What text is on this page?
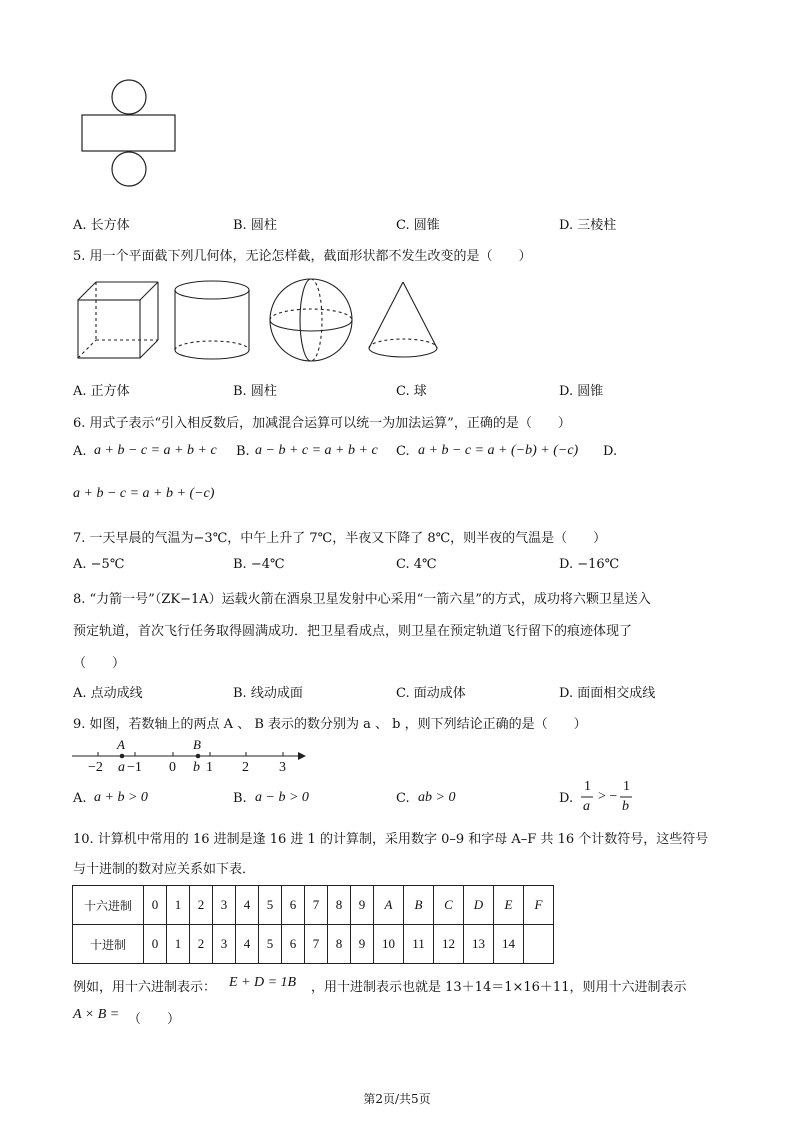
A. 长方体	B. 圆柱	C. 圆锥	D. 三棱柱
5. 用一个平面截下列几何体，无论怎样截，截面形状都不发生改变的是（　　）
A. 正方体	B. 圆柱	C. 球	D. 圆锥
6. 用式子表示“引入相反数后，加减混合运算可以统一为加法运算”，正确的是（　　）
A. a + b − c = a + b + c B. a − b + c = a + b + c C. a + b − c = a + (−b) + (−c) D.
a + b − c = a + b + (−c)
7. 一天早晨的气温为−3℃，中午上升了 7℃，半夜又下降了 8℃，则半夜的气温是（　　）
A. −5℃	B. −4℃	C. 4℃	D. −16℃
8. “力箭一号”（ZK−1A）运载火箭在酒泉卫星发射中心采用“一箭六星”的方式，成功将六颗卫星送入
预定轨道，首次飞行任务取得圆满成功．把卫星看成点，则卫星在预定轨道飞行留下的痕迹体现了
（　　）
A. 点动成线	B. 线动成面	C. 面动成体	D. 面面相交成线
9. 如图，若数轴上的两点 A 、 B 表示的数分别为 a 、 b ，则下列结论正确的是（　　）
A	B
−2 a −1 0 b 1 2 3
A. a + b > 0	B. a − b > 0	C. ab > 0	D.
1
a
> −
1
b
10. 计算机中常用的 16 进制是逢 16 进 1 的计算制，采用数字 0–9 和字母 A–F 共 16 个计数符号，这些符号
与十进制的数对应关系如下表．
十六进制	0	1	2	3	4	5	6	7	8	9	A	B	C	D	E	F
十进制	0	1	2	3	4	5	6	7	8	9	10	11	12	13	14	
例如，用十六进制表示： E + D = 1B ，用十进制表示也就是 13＋14＝1×16＋11，则用十六进制表示
A × B = （　　）
第2页/共5页
